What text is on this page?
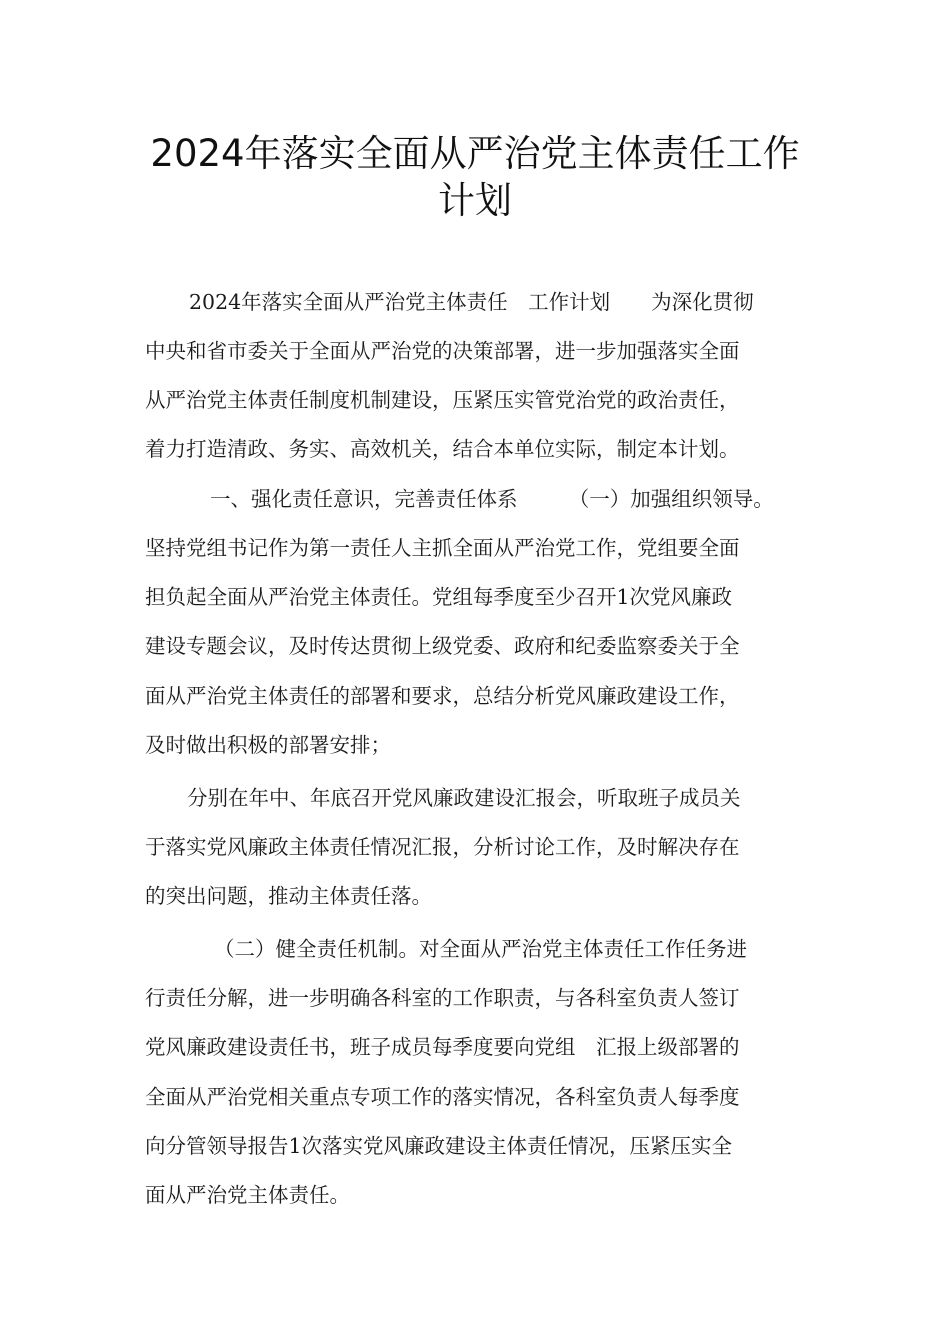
2024年落实全面从严治党主体责任工作
计划
2024年落实全面从严治党主体责任　工作计划　　为深化贯彻
中央和省市委关于全面从严治党的决策部署，进一步加强落实全面
从严治党主体责任制度机制建设，压紧压实管党治党的政治责任，
着力打造清政、务实、高效机关，结合本单位实际，制定本计划。
一、强化责任意识，完善责任体系　　　（一）加强组织领导。
坚持党组书记作为第一责任人主抓全面从严治党工作，党组要全面
担负起全面从严治党主体责任。党组每季度至少召开1次党风廉政
建设专题会议，及时传达贯彻上级党委、政府和纪委监察委关于全
面从严治党主体责任的部署和要求，总结分析党风廉政建设工作，
及时做出积极的部署安排；
分别在年中、年底召开党风廉政建设汇报会，听取班子成员关
于落实党风廉政主体责任情况汇报，分析讨论工作，及时解决存在
的突出问题，推动主体责任落。
（二）健全责任机制。对全面从严治党主体责任工作任务进
行责任分解，进一步明确各科室的工作职责，与各科室负责人签订
党风廉政建设责任书，班子成员每季度要向党组　汇报上级部署的
全面从严治党相关重点专项工作的落实情况，各科室负责人每季度
向分管领导报告1次落实党风廉政建设主体责任情况，压紧压实全
面从严治党主体责任。
